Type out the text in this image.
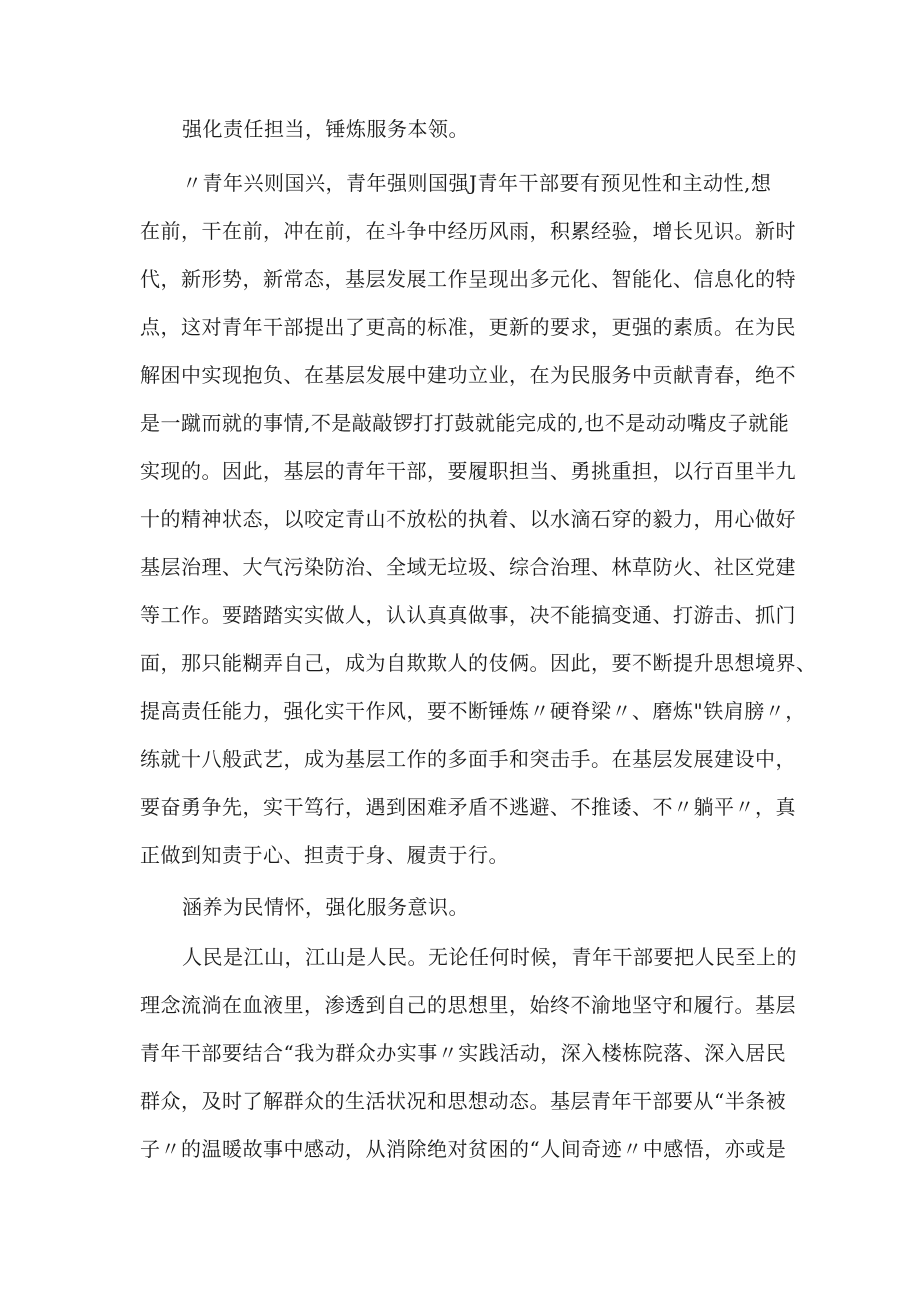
强化责任担当，锤炼服务本领。
〃青年兴则国兴，青年强则国强J青年干部要有预见性和主动性,想
在前，干在前，冲在前，在斗争中经历风雨，积累经验，增长见识。新时
代，新形势，新常态，基层发展工作呈现出多元化、智能化、信息化的特
点，这对青年干部提出了更高的标准，更新的要求，更强的素质。在为民
解困中实现抱负、在基层发展中建功立业，在为民服务中贡献青春，绝不
是一蹴而就的事情,不是敲敲锣打打鼓就能完成的,也不是动动嘴皮子就能
实现的。因此，基层的青年干部，要履职担当、勇挑重担，以行百里半九
十的精神状态，以咬定青山不放松的执着、以水滴石穿的毅力，用心做好
基层治理、大气污染防治、全域无垃圾、综合治理、林草防火、社区党建
等工作。要踏踏实实做人，认认真真做事，决不能搞变通、打游击、抓门
面，那只能糊弄自己，成为自欺欺人的伎俩。因此，要不断提升思想境界、
提高责任能力，强化实干作风，要不断锤炼〃硬脊梁〃、磨炼"铁肩膀〃，
练就十八般武艺，成为基层工作的多面手和突击手。在基层发展建设中，
要奋勇争先，实干笃行，遇到困难矛盾不逃避、不推诿、不〃躺平〃，真
正做到知责于心、担责于身、履责于行。
涵养为民情怀，强化服务意识。
人民是江山，江山是人民。无论任何时候，青年干部要把人民至上的
理念流淌在血液里，渗透到自己的思想里，始终不渝地坚守和履行。基层
青年干部要结合“我为群众办实事〃实践活动，深入楼栋院落、深入居民
群众，及时了解群众的生活状况和思想动态。基层青年干部要从“半条被
子〃的温暖故事中感动，从消除绝对贫困的“人间奇迹〃中感悟，亦或是
